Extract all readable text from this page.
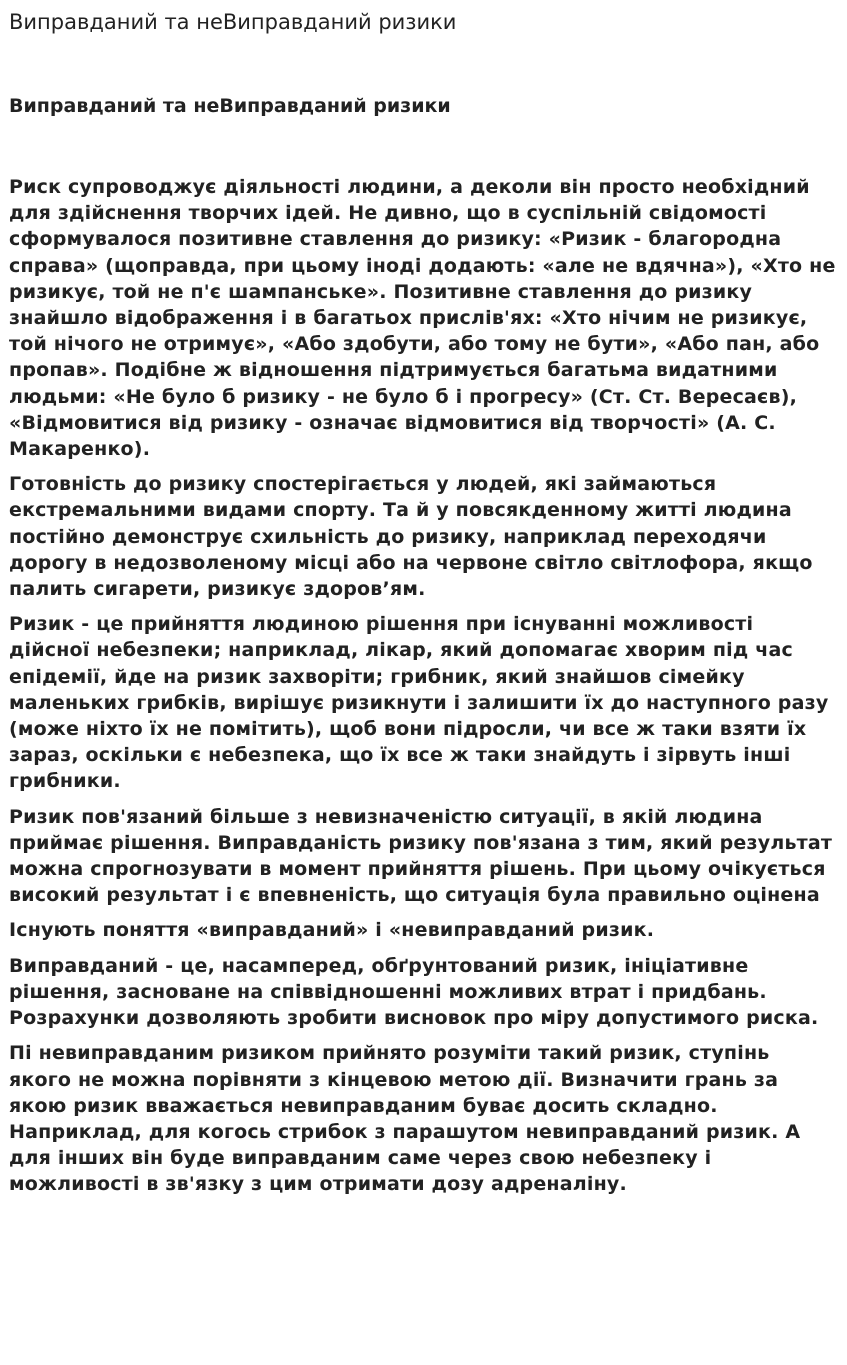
Виправданий та неВиправданий ризики
Виправданий та неВиправданий ризики

Риск супроводжує діяльності людини, а деколи він просто необхідний для здійснення творчих ідей. Не дивно, що в суспільній свідомості сформувалося позитивне ставлення до ризику: «Ризик - благородна справа» (щоправда, при цьому іноді додають: «але не вдячна»), «Хто не ризикує, той не п'є шампанське». Позитивне ставлення до ризику знайшло відображення і в багатьох прислів'ях: «Хто нічим не ризикує, той нічого не отримує», «Або здобути, або тому не бути», «Або пан, або пропав». Подібне ж відношення підтримується багатьма видатними людьми: «Не було б ризику - не було б і прогресу» (Ст. Ст. Вересаєв), «Відмовитися від ризику - означає відмовитися від творчості» (А. С. Макаренко).

Готовність до ризику спостерігається у людей, які займаються екстремальними видами спорту. Та й у повсякденному житті людина постійно демонструє схильність до ризику, наприклад переходячи дорогу в недозволеному місці або на червоне світло світлофора, якщо палить сигарети, ризикує здоров’ям.

Ризик - це прийняття людиною рішення при існуванні можливості дійсної небезпеки; наприклад, лікар, який допомагає хворим під час епідемії, йде на ризик захворіти; грибник, який знайшов сімейку маленьких грибків, вирішує ризикнути і залишити їх до наступного разу (може ніхто їх не помітить), щоб вони підросли, чи все ж таки взяти їх зараз, оскільки є небезпека, що їх все ж таки знайдуть і зірвуть інші грибники.

Ризик пов'язаний більше з невизначеністю ситуації, в якій людина приймає рішення. Виправданість ризику пов'язана з тим, який результат можна спрогнозувати в момент прийняття рішень. При цьому очікується високий результат і є впевненість, що ситуація була правильно оцінена

Існують поняття «виправданий» і «невиправданий ризик.

Виправданий - це, насамперед, обґрунтований ризик, ініціативне рішення, засноване на співвідношенні можливих втрат і придбань. Розрахунки дозволяють зробити висновок про міру допустимого риска.

Пі невиправданим ризиком прийнято розуміти такий ризик, ступінь якого не можна порівняти з кінцевою метою дії. Визначити грань за якою ризик вважається невиправданим буває досить складно. Наприклад, для когось стрибок з парашутом невиправданий ризик. А для інших він буде виправданим саме через свою небезпеку і можливості в зв'язку з цим отримати дозу адреналіну.
